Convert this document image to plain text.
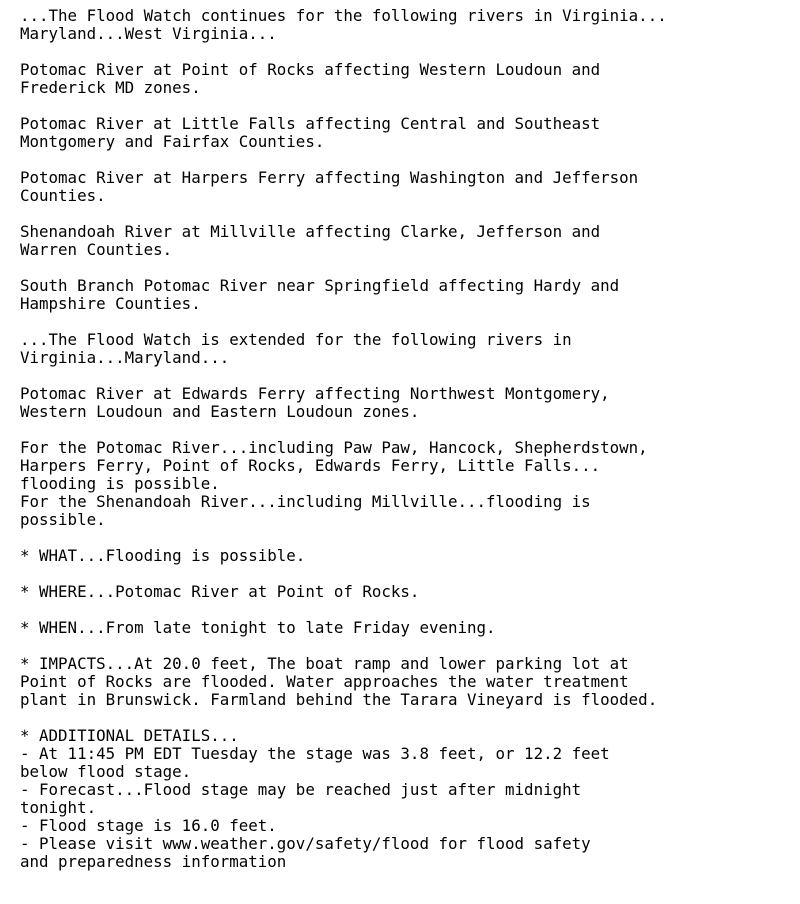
...The Flood Watch continues for the following rivers in Virginia...
Maryland...West Virginia...
Potomac River at Point of Rocks affecting Western Loudoun and
Frederick MD zones.
Potomac River at Little Falls affecting Central and Southeast
Montgomery and Fairfax Counties.
Potomac River at Harpers Ferry affecting Washington and Jefferson
Counties.
Shenandoah River at Millville affecting Clarke, Jefferson and
Warren Counties.
South Branch Potomac River near Springfield affecting Hardy and
Hampshire Counties.
...The Flood Watch is extended for the following rivers in
Virginia...Maryland...
Potomac River at Edwards Ferry affecting Northwest Montgomery,
Western Loudoun and Eastern Loudoun zones.
For the Potomac River...including Paw Paw, Hancock, Shepherdstown,
Harpers Ferry, Point of Rocks, Edwards Ferry, Little Falls...
flooding is possible.
For the Shenandoah River...including Millville...flooding is
possible.
* WHAT...Flooding is possible.
* WHERE...Potomac River at Point of Rocks.
* WHEN...From late tonight to late Friday evening.
* IMPACTS...At 20.0 feet, The boat ramp and lower parking lot at
Point of Rocks are flooded. Water approaches the water treatment
plant in Brunswick. Farmland behind the Tarara Vineyard is flooded.
* ADDITIONAL DETAILS...
- At 11:45 PM EDT Tuesday the stage was 3.8 feet, or 12.2 feet
below flood stage.
- Forecast...Flood stage may be reached just after midnight
tonight.
- Flood stage is 16.0 feet.
- Please visit www.weather.gov/safety/flood for flood safety
and preparedness information
